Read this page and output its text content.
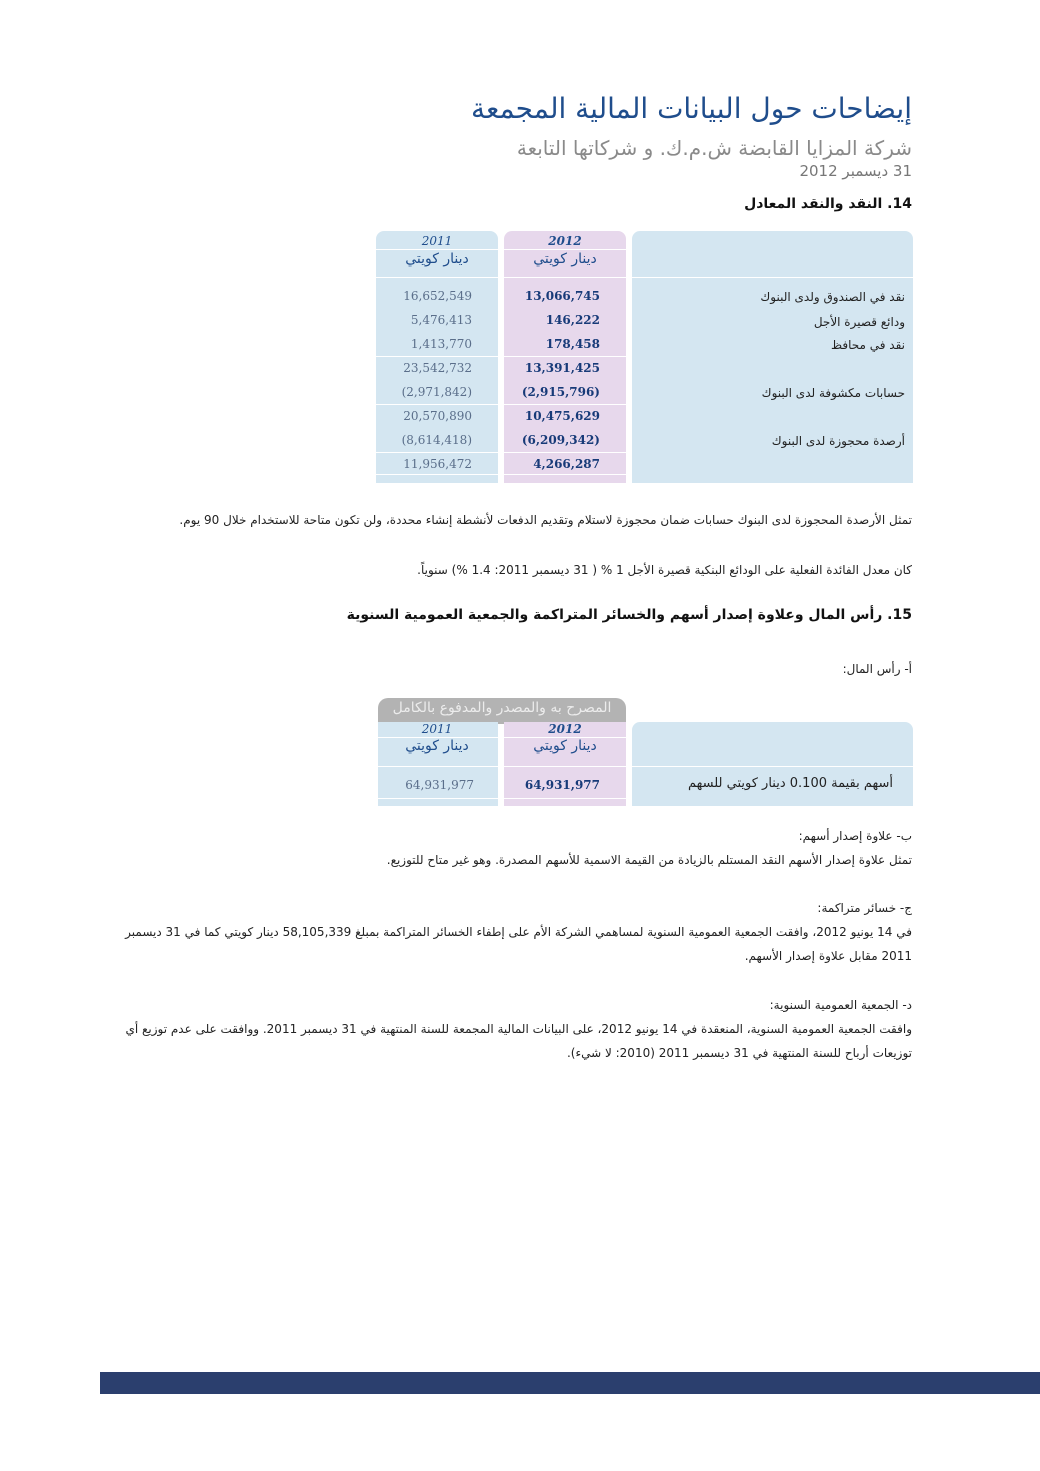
إيضاحات حول البيانات المالية المجمعة
شركة المزايا القابضة ش.م.ك. و شركاتها التابعة
31 ديسمبر 2012
14. النقد والنقد المعادل
2011	2012
دينار كويتي	دينار كويتي
16,652,549	13,066,745	نقد في الصندوق ولدى البنوك
5,476,413	146,222	ودائع قصيرة الأجل
1,413,770	178,458	نقد في محافظ
23,542,732	13,391,425
(2,971,842)	(2,915,796)	حسابات مكشوفة لدى البنوك
20,570,890	10,475,629
(8,614,418)	(6,209,342)	أرصدة محجوزة لدى البنوك
11,956,472	4,266,287
تمثل الأرصدة المحجوزة لدى البنوك حسابات ضمان محجوزة لاستلام وتقديم الدفعات لأنشطة إنشاء محددة، ولن تكون متاحة للاستخدام خلال 90 يوم.
كان معدل الفائدة الفعلية على الودائع البنكية قصيرة الأجل 1 % ( 31 ديسمبر 2011: 1.4 %) سنوياً.
15. رأس المال وعلاوة إصدار أسهم والخسائر المتراكمة والجمعية العمومية السنوية
أ- رأس المال:
المصرح به والمصدر والمدفوع بالكامل
2011	2012
دينار كويتي	دينار كويتي
64,931,977	64,931,977	أسهم بقيمة 0.100 دينار كويتي للسهم
ب- علاوة إصدار أسهم:
تمثل علاوة إصدار الأسهم النقد المستلم بالزيادة من القيمة الاسمية للأسهم المصدرة. وهو غير متاح للتوزيع.
ج- خسائر متراكمة:
في 14 يونيو 2012، وافقت الجمعية العمومية السنوية لمساهمي الشركة الأم على إطفاء الخسائر المتراكمة بمبلغ 58,105,339 دينار كويتي كما في 31 ديسمبر
2011 مقابل علاوة إصدار الأسهم.
د- الجمعية العمومية السنوية:
وافقت الجمعية العمومية السنوية، المنعقدة في 14 يونيو 2012، على البيانات المالية المجمعة للسنة المنتهية في 31 ديسمبر 2011. ووافقت على عدم توزيع أي
توزيعات أرباح للسنة المنتهية في 31 ديسمبر 2011 (2010: لا شيء).
